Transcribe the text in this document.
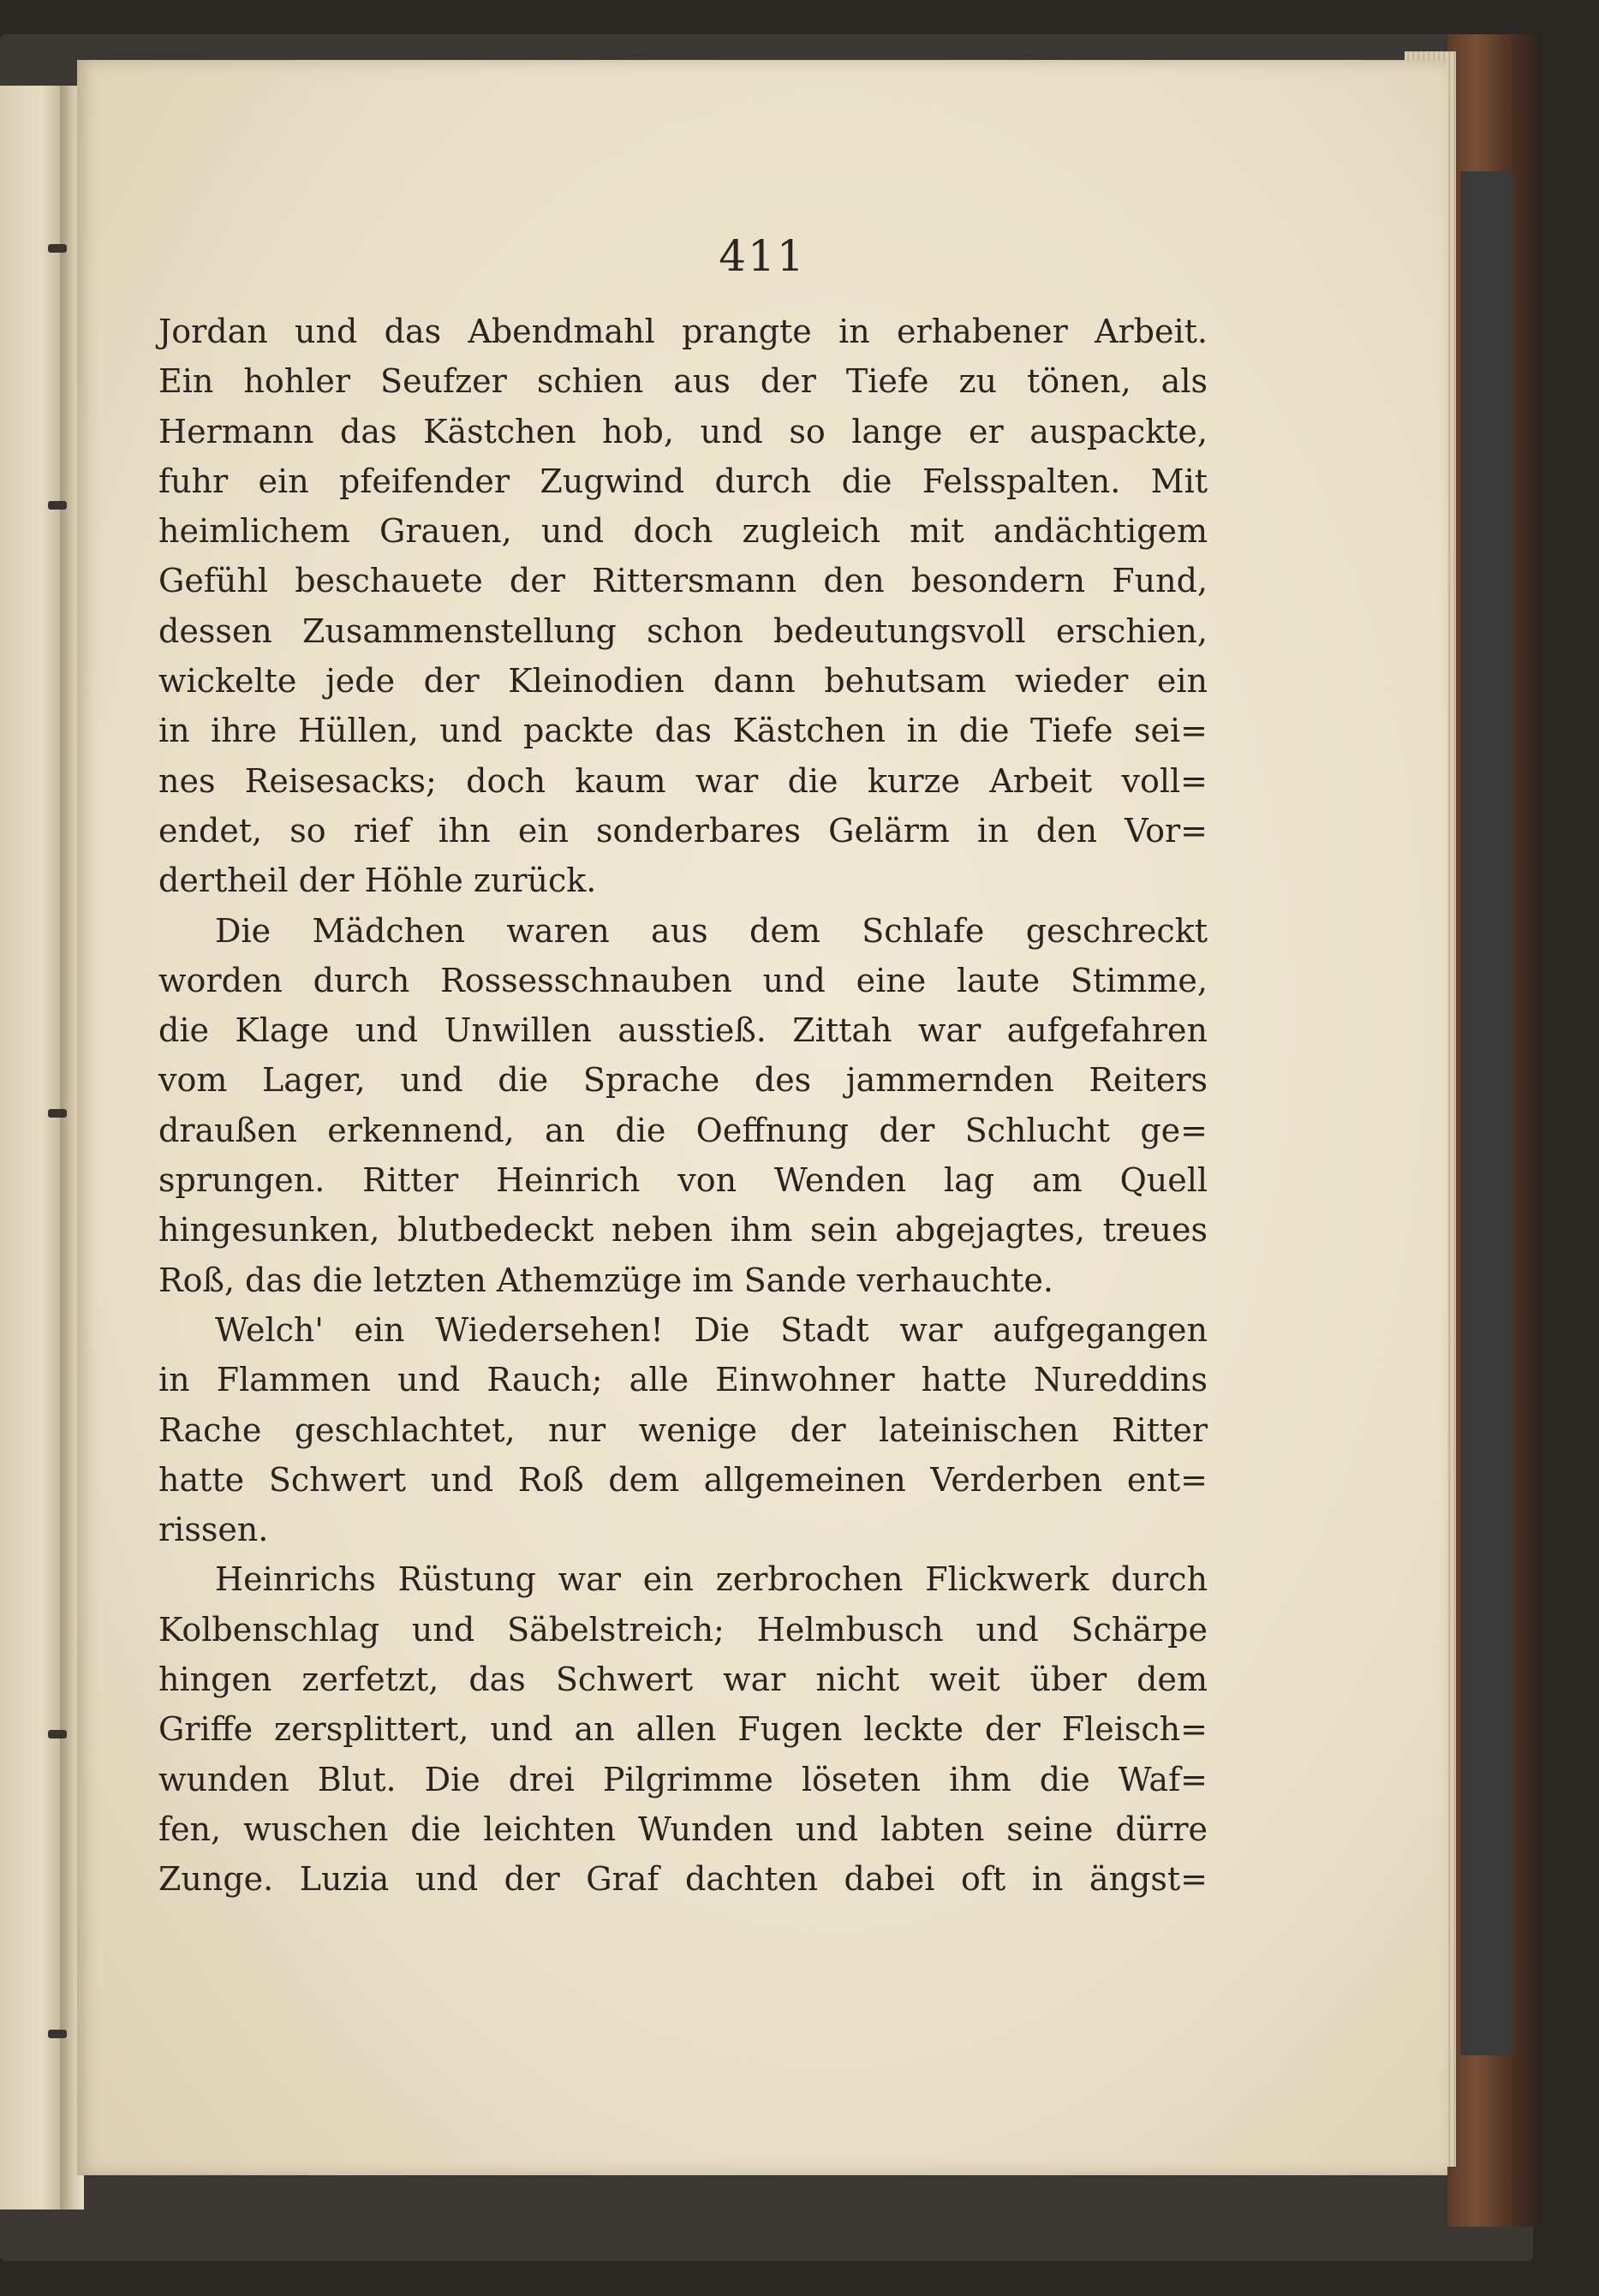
411
Jordan und das Abendmahl prangte in erhabener Arbeit.
Ein hohler Seufzer schien aus der Tiefe zu tönen, als
Hermann das Kästchen hob, und so lange er auspackte,
fuhr ein pfeifender Zugwind durch die Felsspalten. Mit
heimlichem Grauen, und doch zugleich mit andächtigem
Gefühl beschauete der Rittersmann den besondern Fund,
dessen Zusammenstellung schon bedeutungsvoll erschien,
wickelte jede der Kleinodien dann behutsam wieder ein
in ihre Hüllen, und packte das Kästchen in die Tiefe sei=
nes Reisesacks; doch kaum war die kurze Arbeit voll=
endet, so rief ihn ein sonderbares Gelärm in den Vor=
dertheil der Höhle zurück.
Die Mädchen waren aus dem Schlafe geschreckt
worden durch Rossesschnauben und eine laute Stimme,
die Klage und Unwillen ausstieß. Zittah war aufgefahren
vom Lager, und die Sprache des jammernden Reiters
draußen erkennend, an die Oeffnung der Schlucht ge=
sprungen. Ritter Heinrich von Wenden lag am Quell
hingesunken, blutbedeckt neben ihm sein abgejagtes, treues
Roß, das die letzten Athemzüge im Sande verhauchte.
Welch' ein Wiedersehen! Die Stadt war aufgegangen
in Flammen und Rauch; alle Einwohner hatte Nureddins
Rache geschlachtet, nur wenige der lateinischen Ritter
hatte Schwert und Roß dem allgemeinen Verderben ent=
rissen.
Heinrichs Rüstung war ein zerbrochen Flickwerk durch
Kolbenschlag und Säbelstreich; Helmbusch und Schärpe
hingen zerfetzt, das Schwert war nicht weit über dem
Griffe zersplittert, und an allen Fugen leckte der Fleisch=
wunden Blut. Die drei Pilgrimme löseten ihm die Waf=
fen, wuschen die leichten Wunden und labten seine dürre
Zunge. Luzia und der Graf dachten dabei oft in ängst=
